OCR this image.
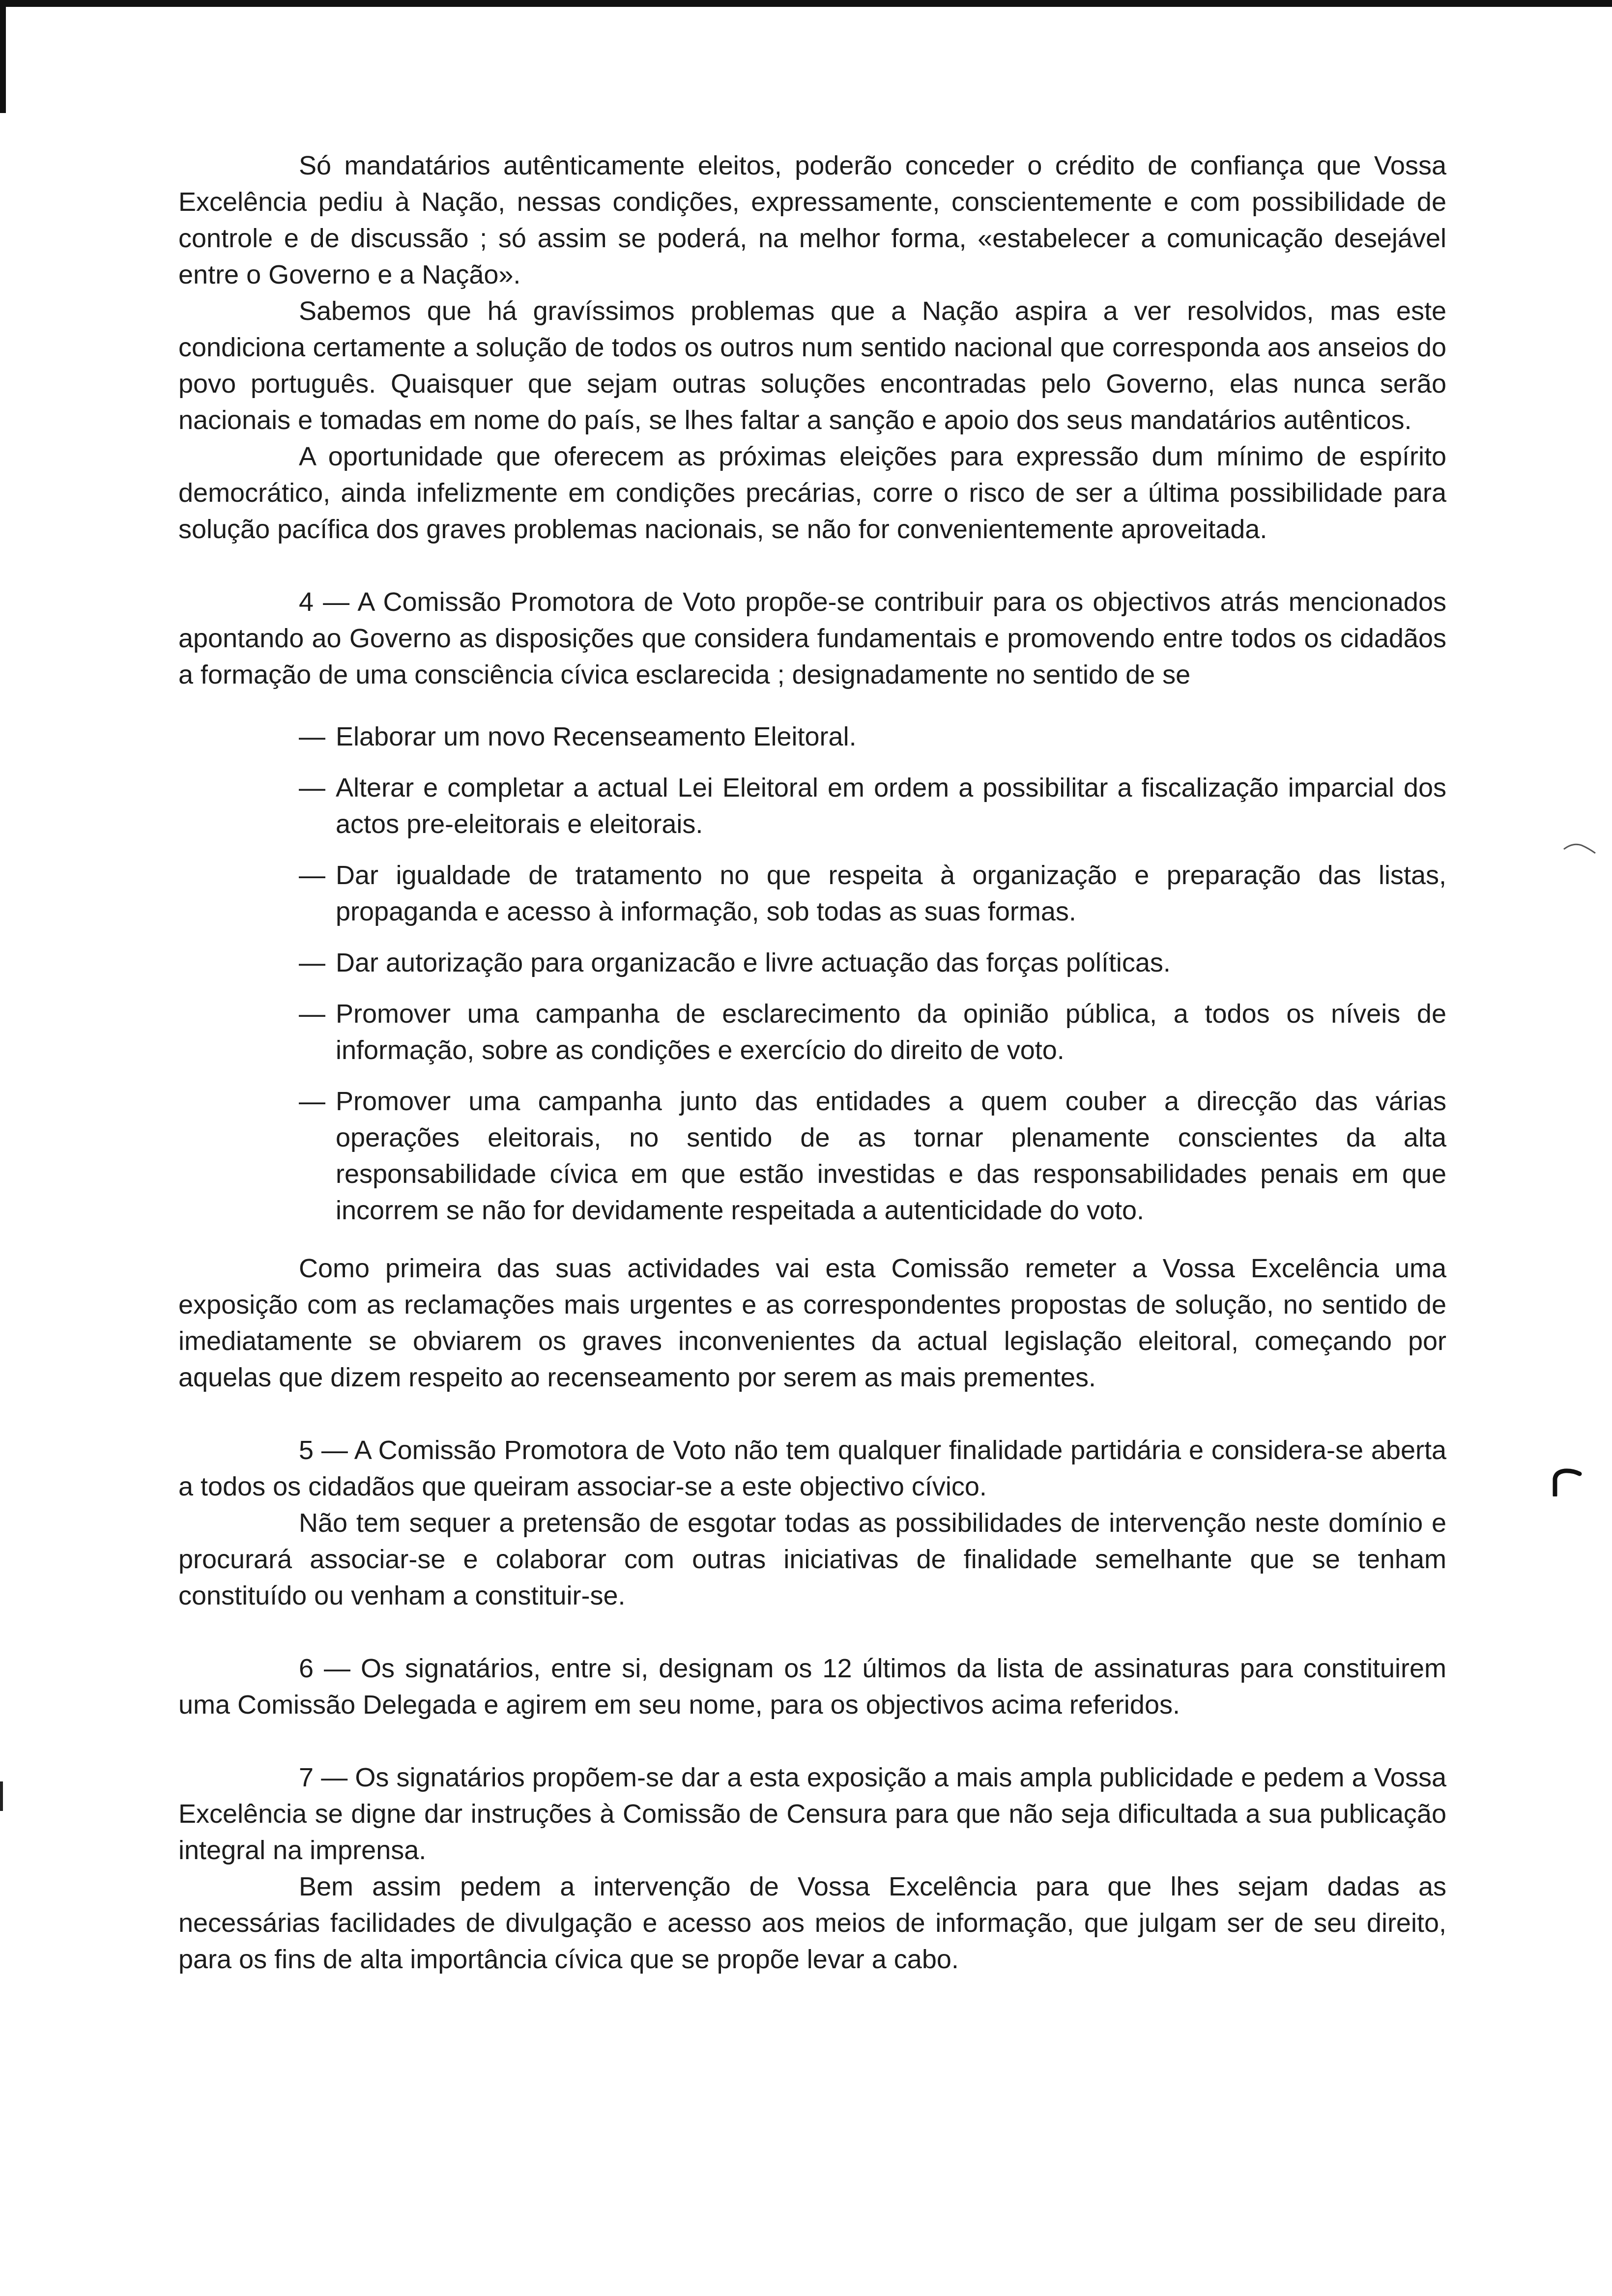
Só mandatários autênticamente eleitos, poderão conceder o crédito de confiança que Vossa Excelência pediu à Nação, nessas condições, expressamente, conscientemente e com possibilidade de controle e de discussão ; só assim se poderá, na melhor forma, «estabelecer a comunicação desejável entre o Governo e a Nação».

Sabemos que há gravíssimos problemas que a Nação aspira a ver resolvidos, mas este condiciona certamente a solução de todos os outros num sentido nacional que corresponda aos anseios do povo português. Quaisquer que sejam outras soluções encontradas pelo Governo, elas nunca serão nacionais e tomadas em nome do país, se lhes faltar a sanção e apoio dos seus mandatários autênticos.

A oportunidade que oferecem as próximas eleições para expressão dum mínimo de espírito democrático, ainda infelizmente em condições precárias, corre o risco de ser a última possibilidade para solução pacífica dos graves problemas nacionais, se não for convenientemente aproveitada.

4 — A Comissão Promotora de Voto propõe-se contribuir para os objectivos atrás mencionados apontando ao Governo as disposições que considera fundamentais e promovendo entre todos os cidadãos a formação de uma consciência cívica esclarecida ; designadamente no sentido de se

— Elaborar um novo Recenseamento Eleitoral.
— Alterar e completar a actual Lei Eleitoral em ordem a possibilitar a fiscalização imparcial dos actos pre-eleitorais e eleitorais.
— Dar igualdade de tratamento no que respeita à organização e preparação das listas, propaganda e acesso à informação, sob todas as suas formas.
— Dar autorização para organizacão e livre actuação das forças políticas.
— Promover uma campanha de esclarecimento da opinião pública, a todos os níveis de informação, sobre as condições e exercício do direito de voto.
— Promover uma campanha junto das entidades a quem couber a direcção das várias operações eleitorais, no sentido de as tornar plenamente conscientes da alta responsabilidade cívica em que estão investidas e das responsabilidades penais em que incorrem se não for devidamente respeitada a autenticidade do voto.

Como primeira das suas actividades vai esta Comissão remeter a Vossa Excelência uma exposição com as reclamações mais urgentes e as correspondentes propostas de solução, no sentido de imediatamente se obviarem os graves inconvenientes da actual legislação eleitoral, começando por aquelas que dizem respeito ao recenseamento por serem as mais prementes.

5 — A Comissão Promotora de Voto não tem qualquer finalidade partidária e considera-se aberta a todos os cidadãos que queiram associar-se a este objectivo cívico.

Não tem sequer a pretensão de esgotar todas as possibilidades de intervenção neste domínio e procurará associar-se e colaborar com outras iniciativas de finalidade semelhante que se tenham constituído ou venham a constituir-se.

6 — Os signatários, entre si, designam os 12 últimos da lista de assinaturas para constituirem uma Comissão Delegada e agirem em seu nome, para os objectivos acima referidos.

7 — Os signatários propõem-se dar a esta exposição a mais ampla publicidade e pedem a Vossa Excelência se digne dar instruções à Comissão de Censura para que não seja dificultada a sua publicação integral na imprensa.

Bem assim pedem a intervenção de Vossa Excelência para que lhes sejam dadas as necessárias facilidades de divulgação e acesso aos meios de informação, que julgam ser de seu direito, para os fins de alta importância cívica que se propõe levar a cabo.
